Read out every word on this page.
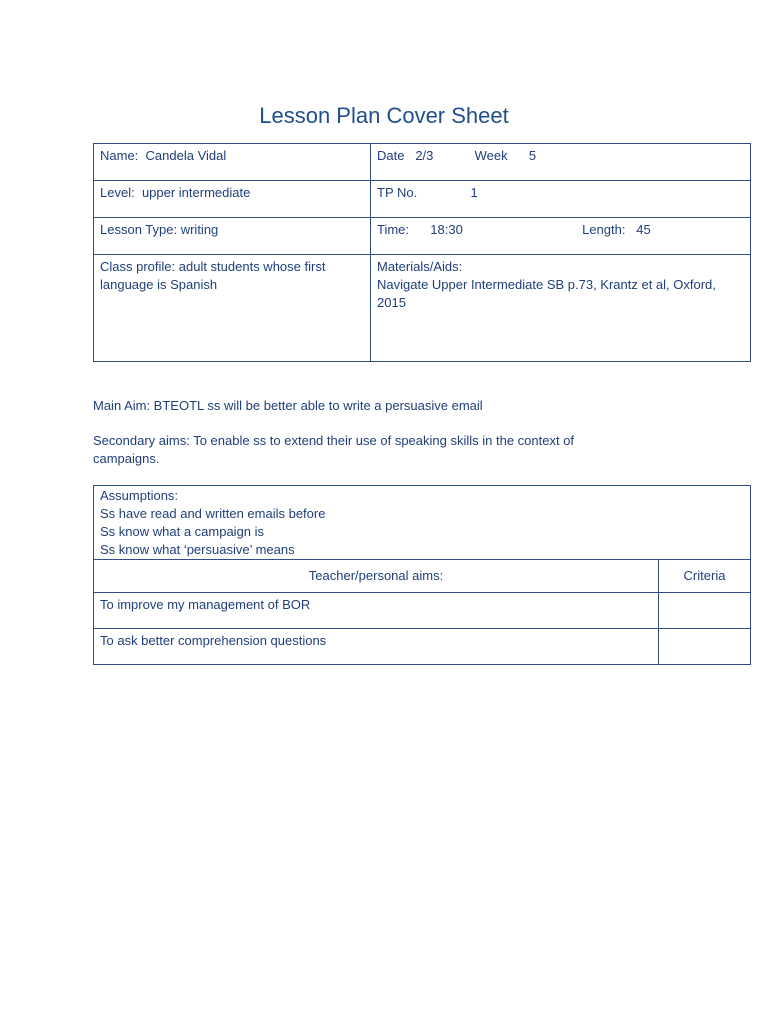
Lesson Plan Cover Sheet
Name: Candela Vidal	Date 2/3 Week 5
Level: upper intermediate	TP No. 1
Lesson Type: writing	Time: 18:30 Length: 45
Class profile: adult students whose first language is Spanish	Materials/Aids:
Navigate Upper Intermediate SB p.73, Krantz et al, Oxford, 2015
Main Aim: BTEOTL ss will be better able to write a persuasive email
Secondary aims: To enable ss to extend their use of speaking skills in the context of campaigns.
Assumptions:
Ss have read and written emails before
Ss know what a campaign is
Ss know what ‘persuasive’ means	

Teacher/personal aims:	Criteria
To improve my management of BOR	
To ask better comprehension questions	
